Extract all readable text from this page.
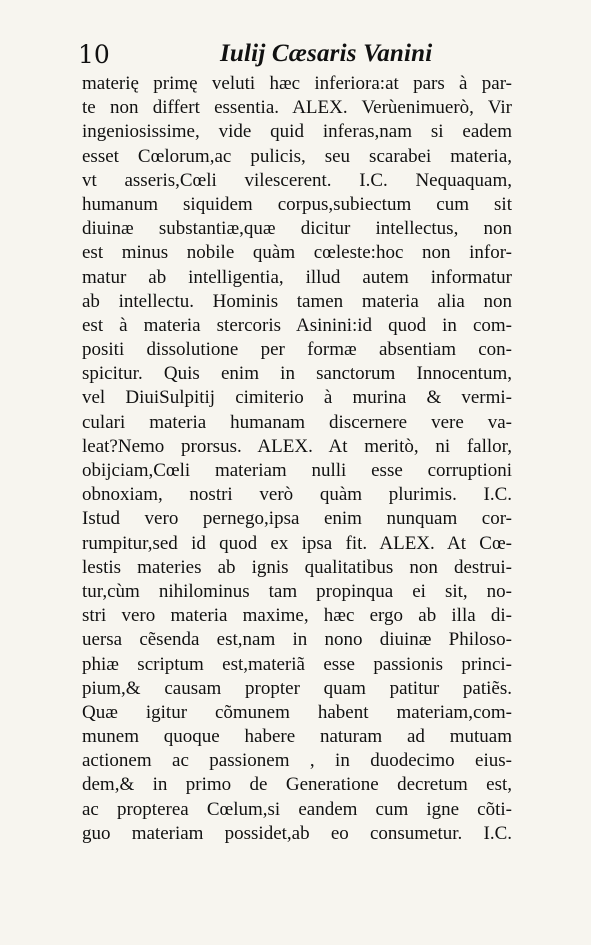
10	Iulij Cæsaris Vanini
materię primę veluti hæc inferiora:at pars à par-
te non differt essentia. ALEX. Verùenimuerò, Vir
ingeniosissime, vide quid inferas,nam si eadem
esset Cœlorum,ac pulicis, seu scarabei materia,
vt asseris,Cœli vilescerent. I.C. Nequaquam,
humanum siquidem corpus,subiectum cum sit
diuinæ substantiæ,quæ dicitur intellectus, non
est minus nobile quàm cœleste:hoc non infor-
matur ab intelligentia, illud autem informatur
ab intellectu. Hominis tamen materia alia non
est à materia stercoris Asinini:id quod in com-
positi dissolutione per formæ absentiam con-
spicitur. Quis enim in sanctorum Innocentum,
vel DiuiSulpitij cimiterio à murina & vermi-
culari materia humanam discernere vere va-
leat?Nemo prorsus. ALEX. At meritò, ni fallor,
obijciam,Cœli materiam nulli esse corruptioni
obnoxiam, nostri verò quàm plurimis. I.C.
Istud vero pernego,ipsa enim nunquam cor-
rumpitur,sed id quod ex ipsa fit. ALEX. At Cœ-
lestis materies ab ignis qualitatibus non destrui-
tur,cùm nihilominus tam propinqua ei sit, no-
stri vero materia maxime, hæc ergo ab illa di-
uersa cẽsenda est,nam in nono diuinæ Philoso-
phiæ scriptum est,materiã esse passionis princi-
pium,& causam propter quam patitur patiẽs.
Quæ igitur cõmunem habent materiam,com-
munem quoque habere naturam ad mutuam
actionem ac passionem , in duodecimo eius-
dem,& in primo de Generatione decretum est,
ac propterea Cœlum,si eandem cum igne cõti-
guo materiam possidet,ab eo consumetur. I.C.
